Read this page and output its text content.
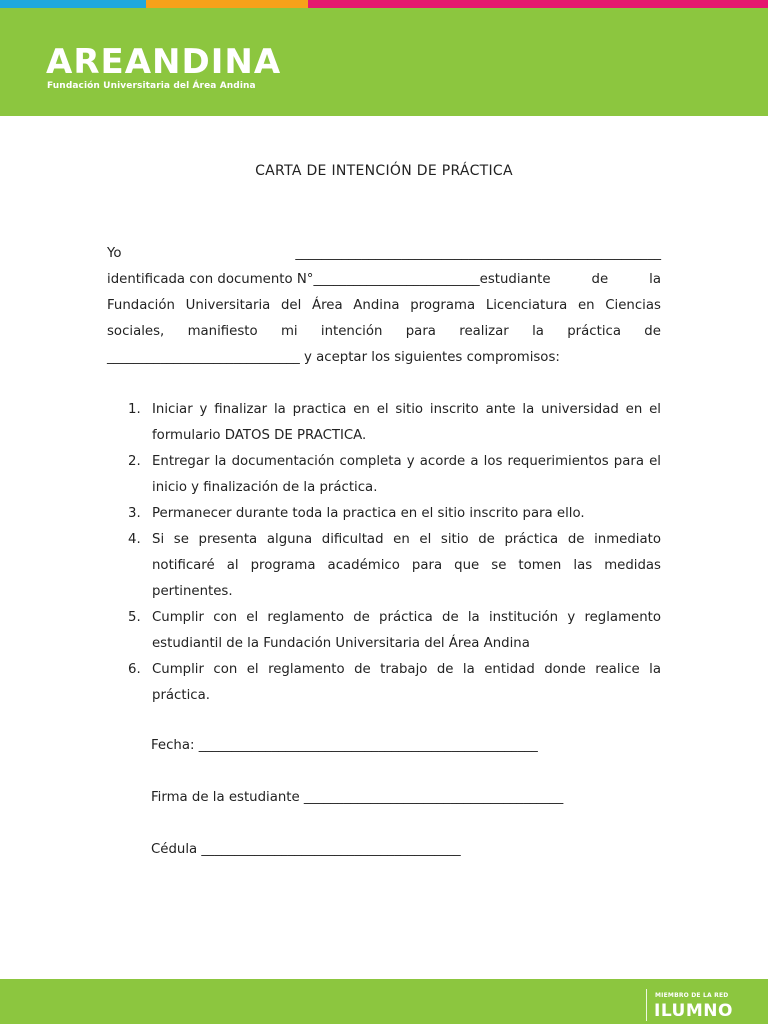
AREANDINA
Fundación Universitaria del Área Andina
CARTA DE INTENCIÓN DE PRÁCTICA
Yo	_______________________________________________________
identificada con documento N°_________________________estudiante	de	la
Fundación Universitaria del Área Andina programa Licenciatura en Ciencias
sociales, manifiesto mi intención para realizar la práctica de
_____________________________ y aceptar los siguientes compromisos:
1. Iniciar y finalizar la practica en el sitio inscrito ante la universidad en el formulario DATOS DE PRACTICA.
2. Entregar la documentación completa y acorde a los requerimientos para el inicio y finalización de la práctica.
3. Permanecer durante toda la practica en el sitio inscrito para ello.
4. Si se presenta alguna dificultad en el sitio de práctica de inmediato notificaré al programa académico para que se tomen las medidas pertinentes.
5. Cumplir con el reglamento de práctica de la institución y reglamento estudiantil de la Fundación Universitaria del Área Andina
6. Cumplir con el reglamento de trabajo de la entidad donde realice la práctica.
Fecha: ___________________________________________________
Firma de la estudiante _______________________________________
Cédula _______________________________________
MIEMBRO DE LA RED
ILUMNO
